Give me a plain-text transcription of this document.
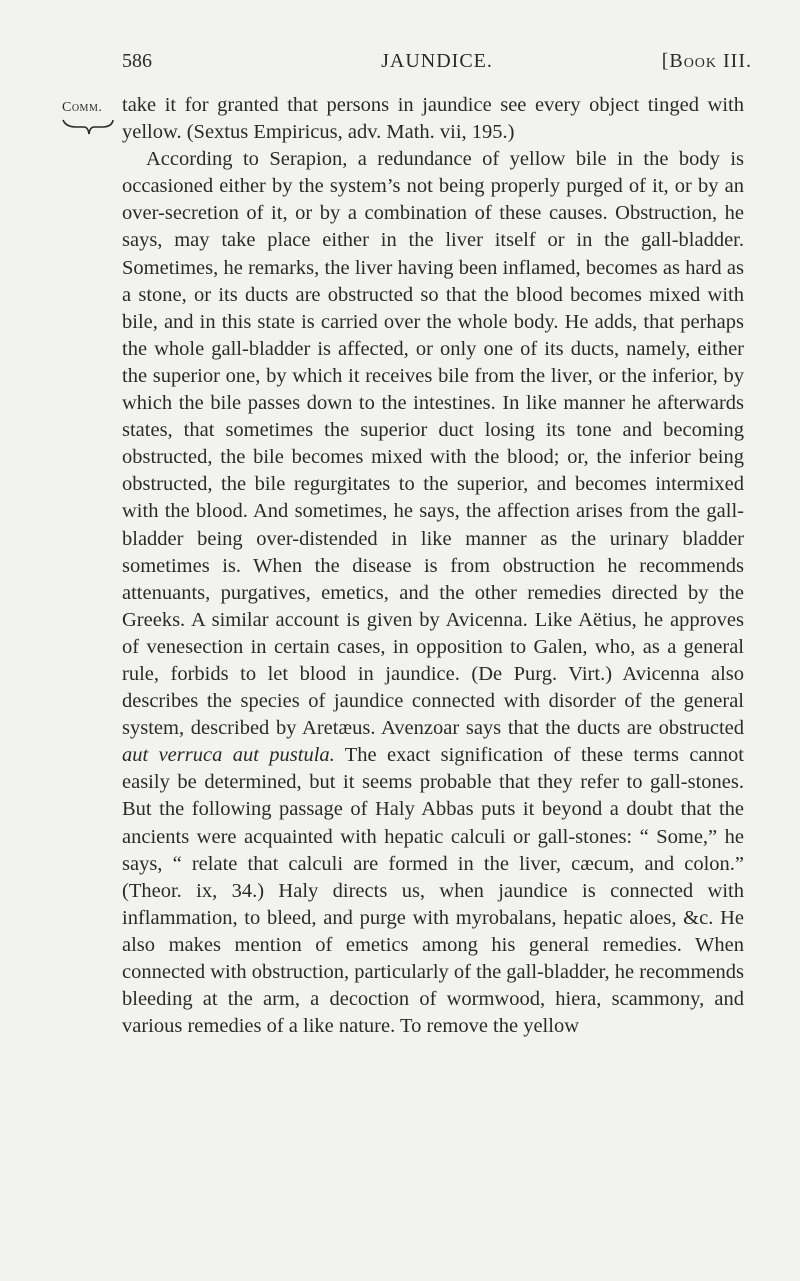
586	JAUNDICE.	[Book III.
Comm. take it for granted that persons in jaundice see every object tinged with yellow. (Sextus Empiricus, adv. Math. vii, 195.)

According to Serapion, a redundance of yellow bile in the body is occasioned either by the system’s not being properly purged of it, or by an over-secretion of it, or by a combination of these causes. Obstruction, he says, may take place either in the liver itself or in the gall-bladder. Sometimes, he remarks, the liver having been inflamed, becomes as hard as a stone, or its ducts are obstructed so that the blood becomes mixed with bile, and in this state is carried over the whole body. He adds, that perhaps the whole gall-bladder is affected, or only one of its ducts, namely, either the superior one, by which it receives bile from the liver, or the inferior, by which the bile passes down to the intestines. In like manner he afterwards states, that sometimes the superior duct losing its tone and becoming obstructed, the bile becomes mixed with the blood; or, the inferior being obstructed, the bile regurgitates to the superior, and becomes intermixed with the blood. And sometimes, he says, the affection arises from the gall-bladder being over-distended in like manner as the urinary bladder sometimes is. When the disease is from obstruction he recommends attenuants, purgatives, emetics, and the other remedies directed by the Greeks. A similar account is given by Avicenna. Like Aëtius, he approves of venesection in certain cases, in opposition to Galen, who, as a general rule, forbids to let blood in jaundice. (De Purg. Virt.) Avicenna also describes the species of jaundice connected with disorder of the general system, described by Aretæus. Avenzoar says that the ducts are obstructed aut verruca aut pustula. The exact signification of these terms cannot easily be determined, but it seems probable that they refer to gall-stones. But the following passage of Haly Abbas puts it beyond a doubt that the ancients were acquainted with hepatic calculi or gall-stones: “ Some,” he says, “ relate that calculi are formed in the liver, cæcum, and colon.” (Theor. ix, 34.) Haly directs us, when jaundice is connected with inflammation, to bleed, and purge with myrobalans, hepatic aloes, &c. He also makes mention of emetics among his general remedies. When connected with obstruction, particularly of the gall-bladder, he recommends bleeding at the arm, a decoction of wormwood, hiera, scammony, and various remedies of a like nature. To remove the yellow
